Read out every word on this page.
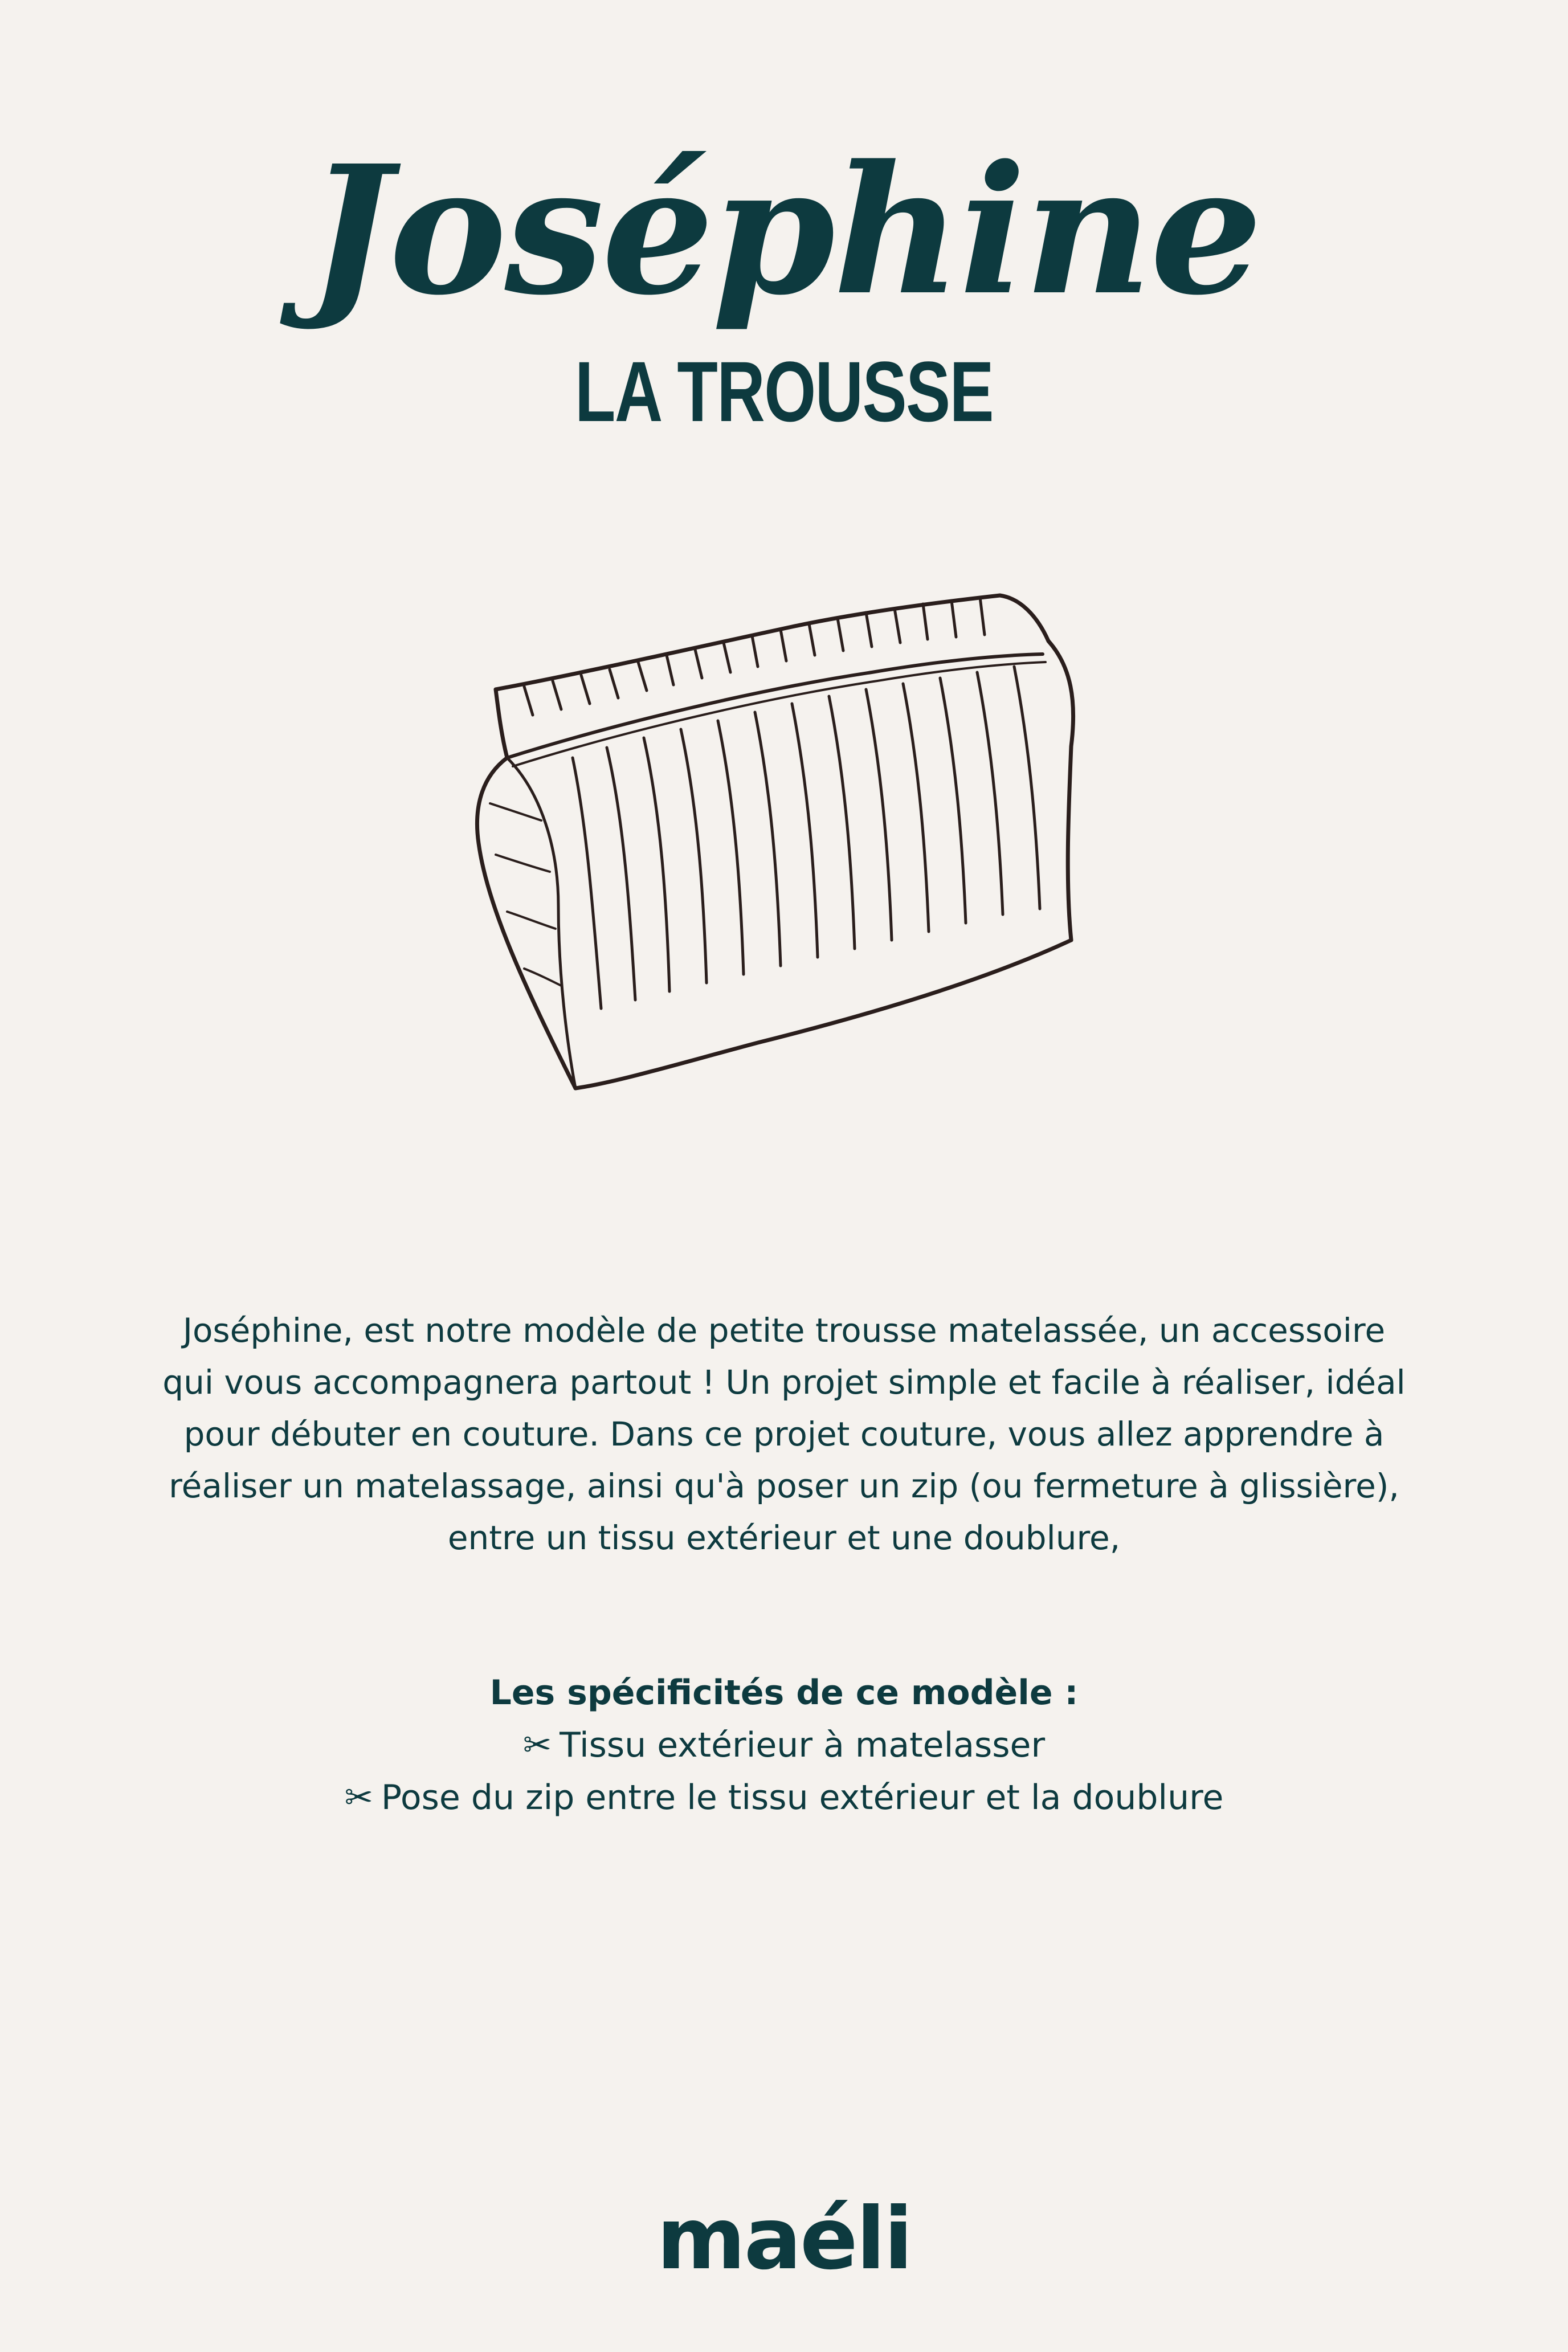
Joséphine
LA TROUSSE
Joséphine, est notre modèle de petite trousse matelassée, un accessoire
qui vous accompagnera partout ! Un projet simple et facile à réaliser, idéal
pour débuter en couture. Dans ce projet couture, vous allez apprendre à
réaliser un matelassage, ainsi qu'à poser un zip (ou fermeture à glissière),
entre un tissu extérieur et une doublure,
Les spécificités de ce modèle :
✂ Tissu extérieur à matelasser
✂ Pose du zip entre le tissu extérieur et la doublure
maéli
